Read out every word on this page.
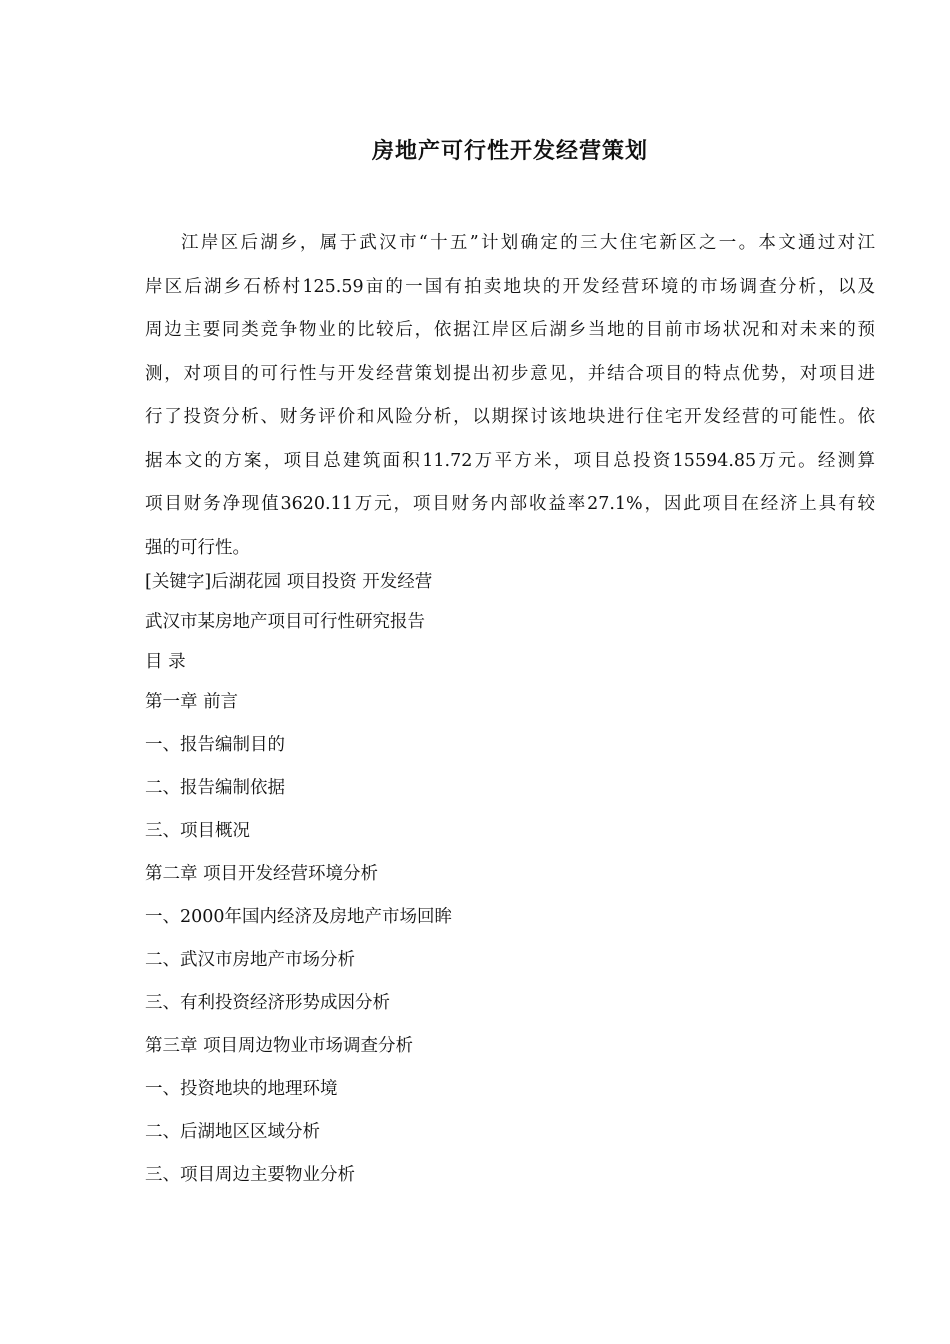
房地产可行性开发经营策划

江岸区后湖乡，属于武汉市“十五”计划确定的三大住宅新区之一。本文通过对江
岸区后湖乡石桥村125.59亩的一国有拍卖地块的开发经营环境的市场调查分析，以及
周边主要同类竞争物业的比较后，依据江岸区后湖乡当地的目前市场状况和对未来的预
测，对项目的可行性与开发经营策划提出初步意见，并结合项目的特点优势，对项目进
行了投资分析、财务评价和风险分析，以期探讨该地块进行住宅开发经营的可能性。依
据本文的方案，项目总建筑面积11.72万平方米，项目总投资15594.85万元。经测算
项目财务净现值3620.11万元，项目财务内部收益率27.1%，因此项目在经济上具有较
强的可行性。

[关键字]后湖花园 项目投资 开发经营

武汉市某房地产项目可行性研究报告

目 录

第一章 前言

一、报告编制目的

二、报告编制依据

三、项目概况

第二章 项目开发经营环境分析

一、2000年国内经济及房地产市场回眸

二、武汉市房地产市场分析

三、有利投资经济形势成因分析

第三章 项目周边物业市场调查分析

一、投资地块的地理环境

二、后湖地区区域分析

三、项目周边主要物业分析
